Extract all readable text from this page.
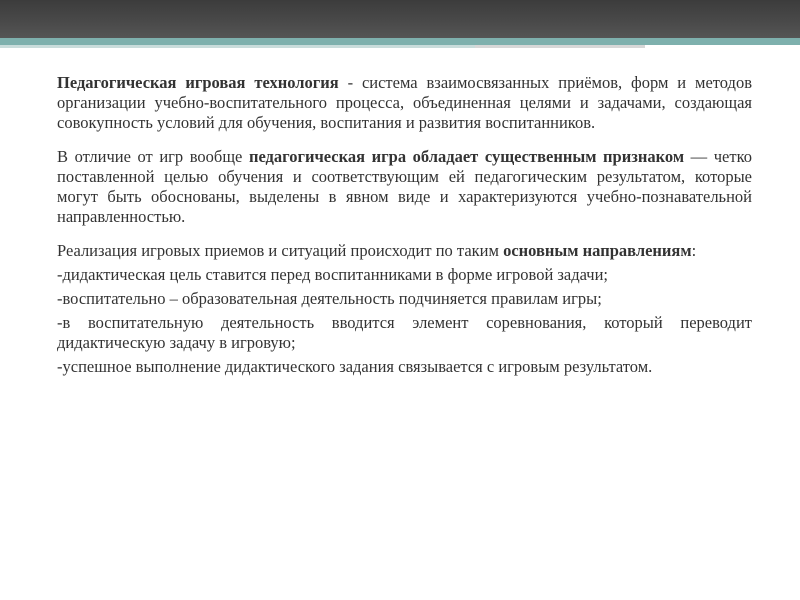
Педагогическая игровая технология - система взаимосвязанных приёмов, форм и методов организации учебно-воспитательного процесса, объединенная целями и задачами, создающая совокупность условий для обучения, воспитания и развития воспитанников.

В отличие от игр вообще педагогическая игра обладает существенным признаком — четко поставленной целью обучения и соответствующим ей педагогическим результатом, которые могут быть обоснованы, выделены в явном виде и характеризуются учебно-познавательной направленностью.

Реализация игровых приемов и ситуаций происходит по таким основным направлениям:

-дидактическая цель ставится перед воспитанниками в форме игровой задачи;

-воспитательно – образовательная деятельность подчиняется правилам игры;

-в воспитательную деятельность вводится элемент соревнования, который переводит дидактическую задачу в игровую;

-успешное выполнение дидактического задания связывается с игровым результатом.
